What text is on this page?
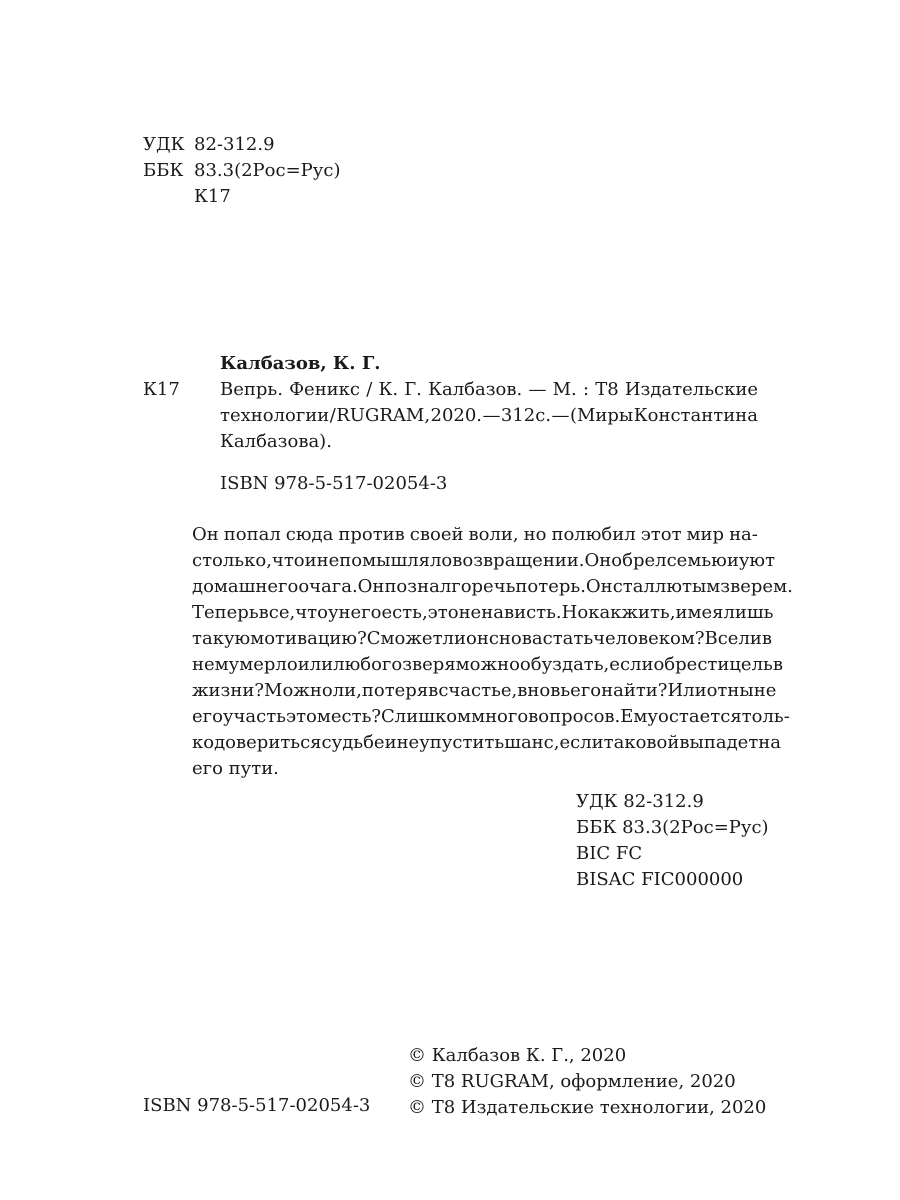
УДК 82-312.9
ББК 83.3(2Рос=Рус)
К17
Калбазов, К. Г.
К17 Вепрь. Феникс / К. Г. Калбазов. — М. : Т8 Издательские
технологии / RUGRAM, 2020. — 312с. — (Миры Константина
Калбазова).
ISBN 978-5-517-02054-3
Он попал сюда против своей воли, но полюбил этот мир на-
столько, что и не помышлял о возвращении. Он обрел семью и уют
домашнего очага. Он познал горечь потерь. Он стал лютым зверем.
Теперь все, что у него есть, это ненависть. Но как жить, имея лишь
такую мотивацию? Сможет ли он снова стать человеком? Все ли в
нем умерло или любого зверя можно обуздать, если обрести цель в
жизни? Можно ли, потеряв счастье, вновь его найти? Или отныне
его участь это месть? Слишком много вопросов. Ему остается толь-
ко довериться судьбе и не упустить шанс, если таковой выпадет на
его пути.
УДК 82-312.9
ББК 83.3(2Рос=Рус)
BIC FC
BISAC FIC000000
© Калбазов К. Г., 2020
© Т8 RUGRAM, оформление, 2020
© Т8 Издательские технологии, 2020
ISBN 978-5-517-02054-3
